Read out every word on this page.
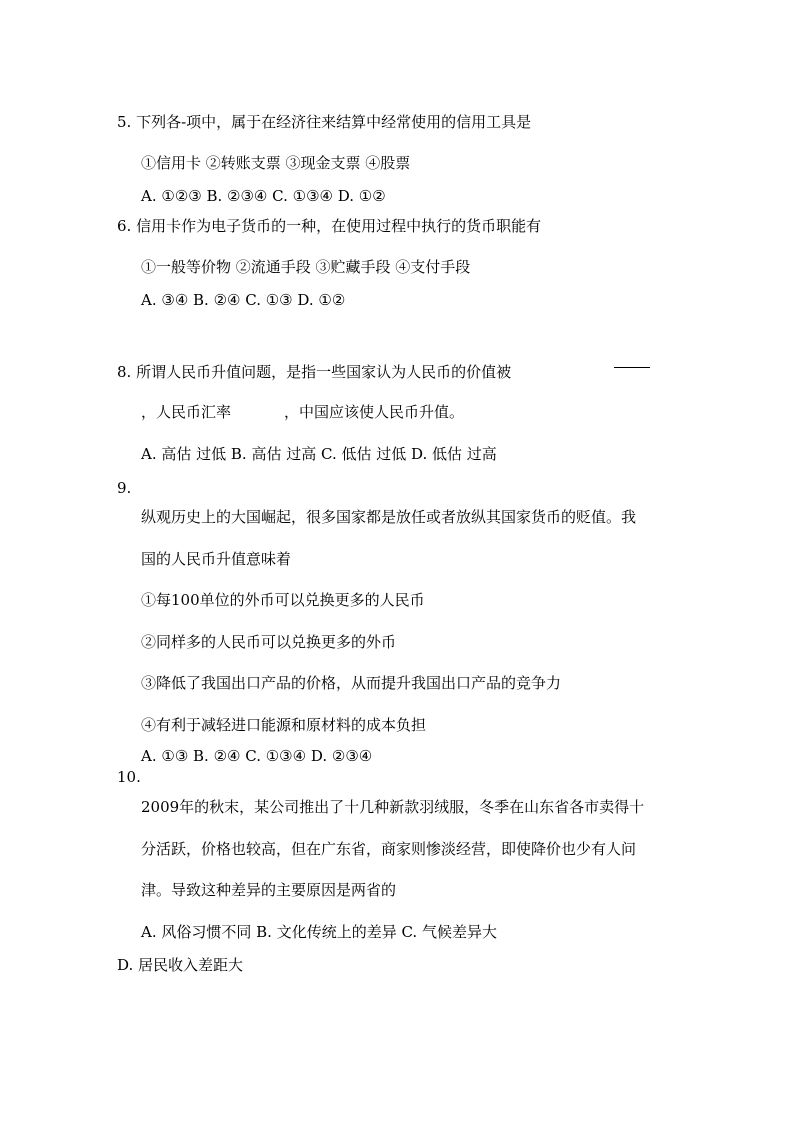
5. 下列各-项中，属于在经济往来结算中经常使用的信用工具是
①信用卡 ②转账支票 ③现金支票 ④股票
A. ①②③ B. ②③④ C. ①③④ D. ①②
6. 信用卡作为电子货币的一种，在使用过程中执行的货币职能有
①一般等价物 ②流通手段 ③贮藏手段 ④支付手段
A. ③④ B. ②④ C. ①③ D. ①②
8. 所谓人民币升值问题，是指一些国家认为人民币的价值被
，人民币汇率	，中国应该使人民币升值。
A. 高估 过低 B. 高估 过高 C. 低估 过低 D. 低估 过高
9.
纵观历史上的大国崛起，很多国家都是放任或者放纵其国家货币的贬值。我
国的人民币升值意味着
①每100单位的外币可以兑换更多的人民币
②同样多的人民币可以兑换更多的外币
③降低了我国出口产品的价格，从而提升我国出口产品的竞争力
④有利于减轻进口能源和原材料的成本负担
A. ①③ B. ②④ C. ①③④ D. ②③④
10.
2009年的秋末，某公司推出了十几种新款羽绒服，冬季在山东省各市卖得十
分活跃，价格也较高，但在广东省，商家则惨淡经营，即使降价也少有人问
津。导致这种差异的主要原因是两省的
A. 风俗习惯不同 B. 文化传统上的差异 C. 气候差异大
D. 居民收入差距大
